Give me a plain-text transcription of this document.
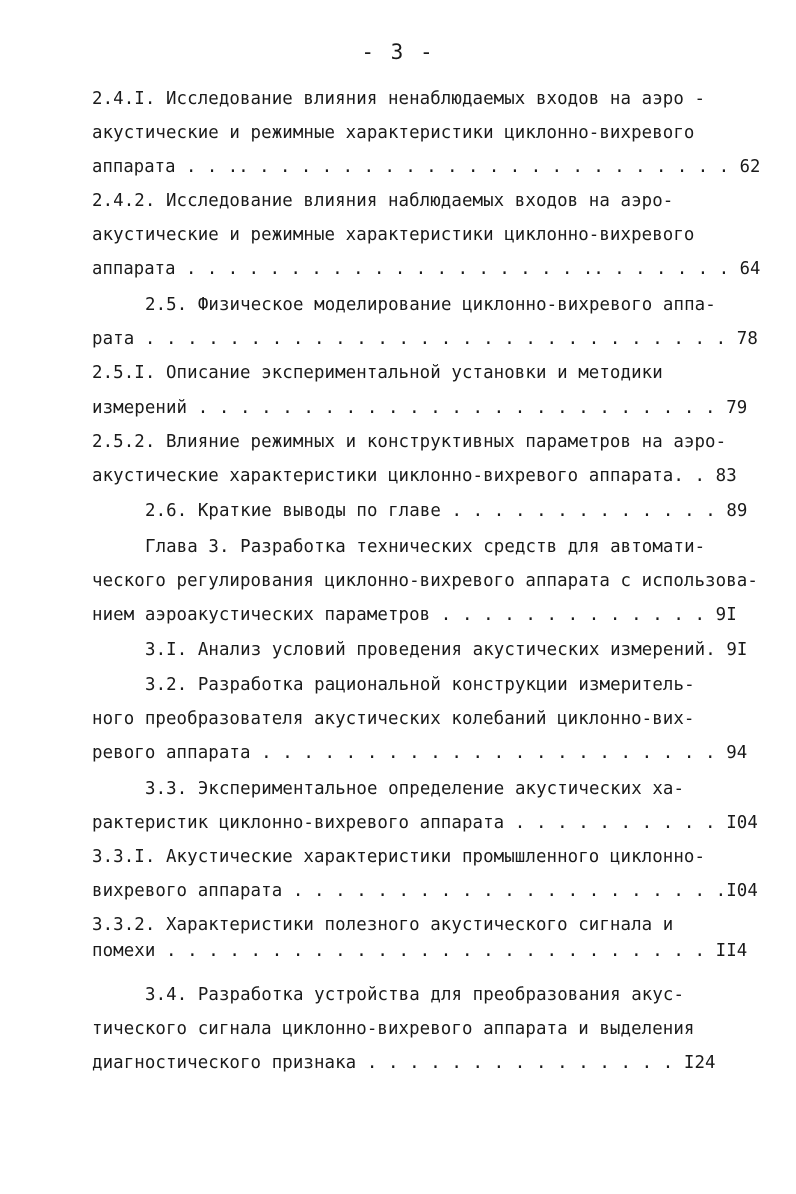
- 3 -
2.4.I. Исследование влияния ненаблюдаемых входов на аэро -
акустические и режимные характеристики циклонно-вихревого
аппарата . . .. . . . . . . . . . . . . . . . . . . . . . . . 62
2.4.2. Исследование влияния наблюдаемых входов на аэро-
акустические и режимные характеристики циклонно-вихревого
аппарата . . . . . . . . . . . . . . . . . . . .. . . . . . . 64
2.5. Физическое моделирование циклонно-вихревого аппа-
рата . . . . . . . . . . . . . . . . . . . . . . . . . . . . 78
2.5.I. Описание экспериментальной установки и методики
измерений . . . . . . . . . . . . . . . . . . . . . . . . . 79
2.5.2. Влияние режимных и конструктивных параметров на аэро-
акустические характеристики циклонно-вихревого аппарата. . 83
2.6. Краткие выводы по главе . . . . . . . . . . . . . 89
Глава 3. Разработка технических средств для автомати-
ческого регулирования циклонно-вихревого аппарата с использова-
нием аэроакустических параметров . . . . . . . . . . . . . 9I
3.I. Анализ условий проведения акустических измерений. 9I
3.2. Разработка рациональной конструкции измеритель-
ного преобразователя акустических колебаний циклонно-вих-
ревого аппарата . . . . . . . . . . . . . . . . . . . . . . 94
3.3. Экспериментальное определение акустических ха-
рактеристик циклонно-вихревого аппарата . . . . . . . . . . I04
3.3.I. Акустические характеристики промышленного циклонно-
вихревого аппарата . . . . . . . . . . . . . . . . . . . . .I04
3.3.2. Характеристики полезного акустического сигнала и
помехи . . . . . . . . . . . . . . . . . . . . . . . . . . II4
3.4. Разработка устройства для преобразования акус-
тического сигнала циклонно-вихревого аппарата и выделения
диагностического признака . . . . . . . . . . . . . . . I24
